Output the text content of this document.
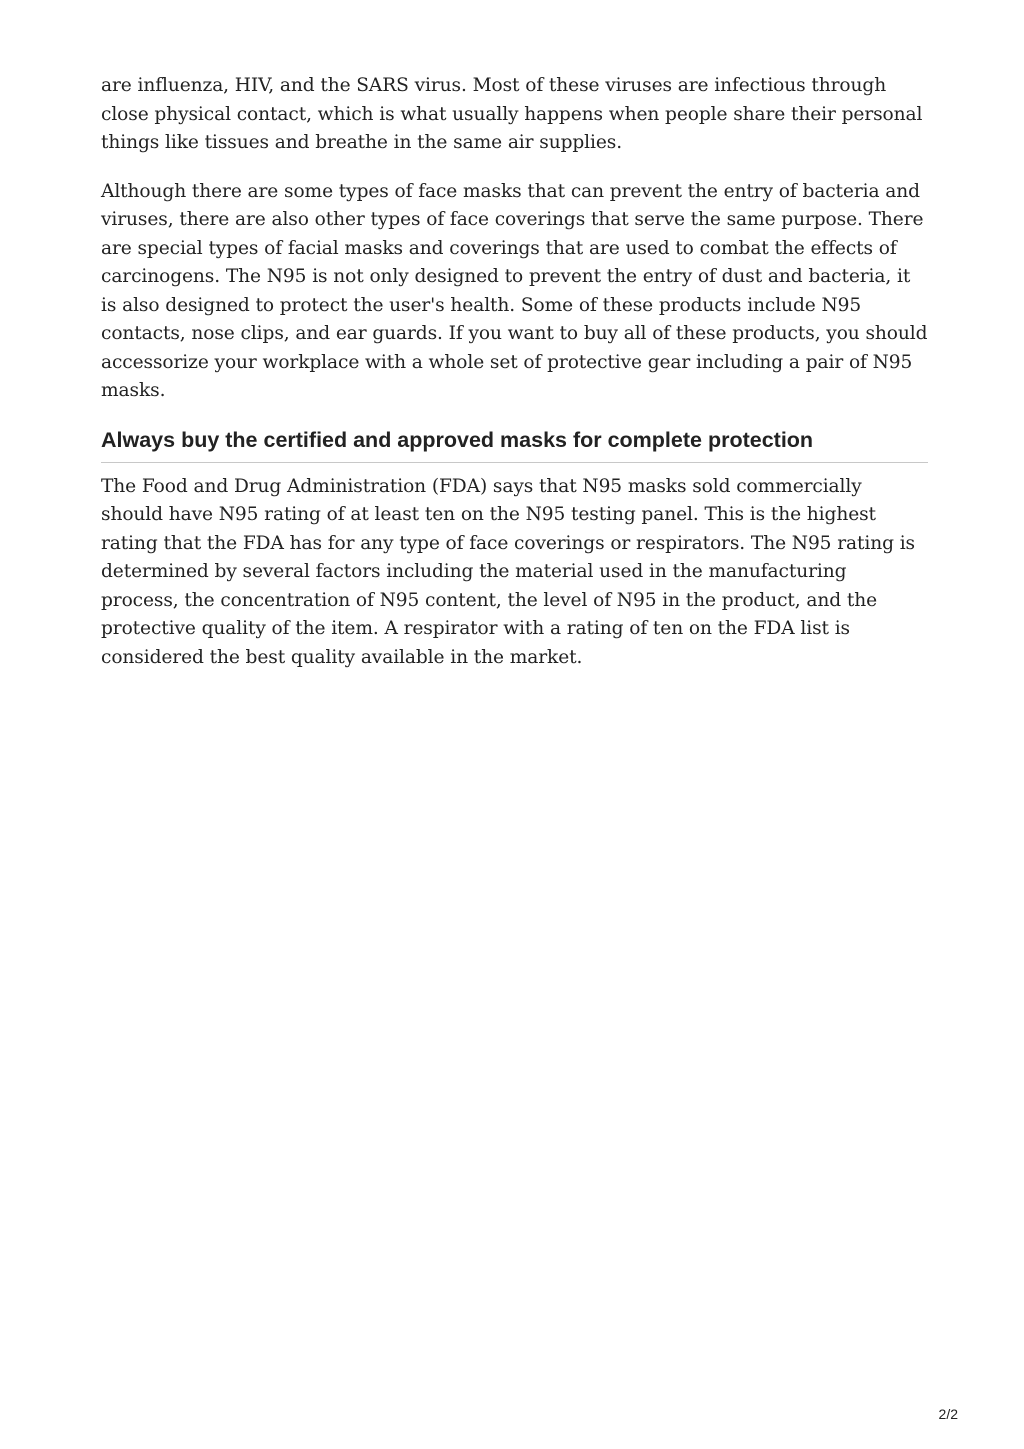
are influenza, HIV, and the SARS virus. Most of these viruses are infectious through close physical contact, which is what usually happens when people share their personal things like tissues and breathe in the same air supplies.

Although there are some types of face masks that can prevent the entry of bacteria and viruses, there are also other types of face coverings that serve the same purpose. There are special types of facial masks and coverings that are used to combat the effects of carcinogens. The N95 is not only designed to prevent the entry of dust and bacteria, it is also designed to protect the user's health. Some of these products include N95 contacts, nose clips, and ear guards. If you want to buy all of these products, you should accessorize your workplace with a whole set of protective gear including a pair of N95 masks.

Always buy the certified and approved masks for complete protection

The Food and Drug Administration (FDA) says that N95 masks sold commercially should have N95 rating of at least ten on the N95 testing panel. This is the highest rating that the FDA has for any type of face coverings or respirators. The N95 rating is determined by several factors including the material used in the manufacturing process, the concentration of N95 content, the level of N95 in the product, and the protective quality of the item. A respirator with a rating of ten on the FDA list is considered the best quality available in the market.

2/2
